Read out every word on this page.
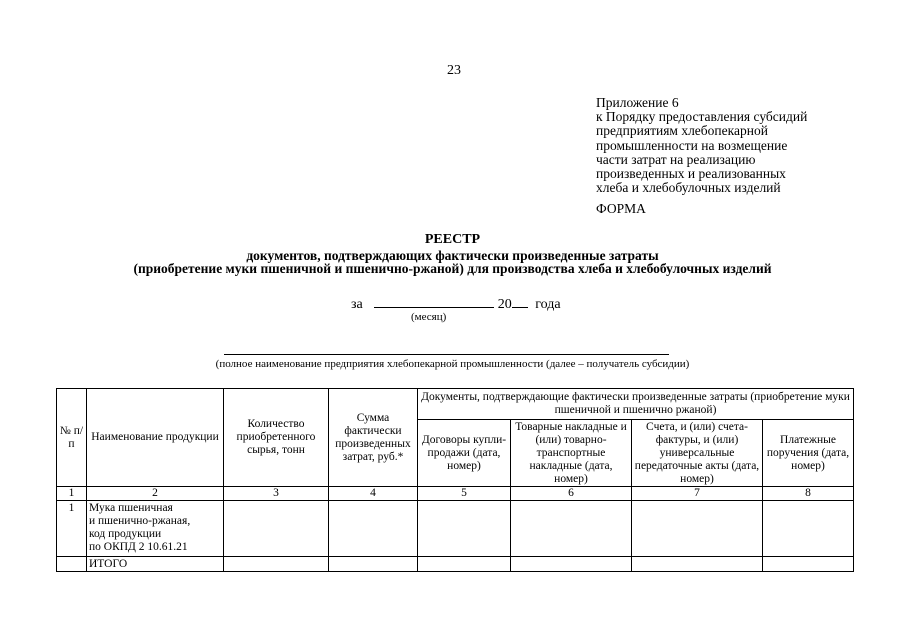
23
Приложение 6
к Порядку предоставления субсидий
предприятиям хлебопекарной
промышленности на возмещение
части затрат на реализацию
произведенных и реализованных
хлеба и хлебобулочных изделий
ФОРМА
РЕЕСТР
документов, подтверждающих фактически произведенные затраты
(приобретение муки пшеничной и пшенично-ржаной) для производства хлеба и хлебобулочных изделий
за	20 года
(месяц)
(полное наименование предприятия хлебопекарной промышленности (далее – получатель субсидии)
№ п/п	Наименование продукции	Количество приобретенного сырья, тонн	Сумма фактически произведенных затрат, руб.*	Документы, подтверждающие фактически произведенные затраты (приобретение муки пшеничной и пшенично ржаной)			
				Договоры купли-продажи (дата, номер)	Товарные накладные и (или) товарно-транспортные накладные (дата, номер)	Счета, и (или) счета-фактуры, и (или) универсальные передаточные акты (дата, номер)	Платежные поручения (дата, номер)
1	2	3	4	5	6	7	8
1	Мука пшеничная
и пшенично-ржаная,
код продукции
по ОКПД 2 10.61.21						

	ИТОГО						
